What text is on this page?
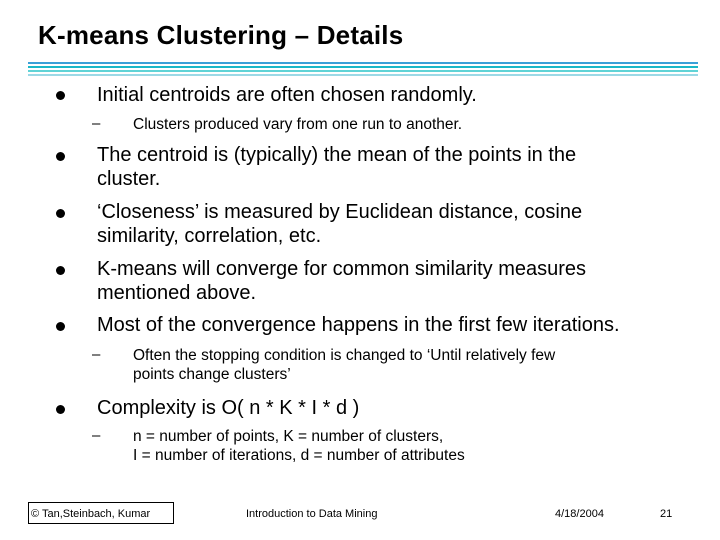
K-means Clustering – Details
Initial centroids are often chosen randomly.
– Clusters produced vary from one run to another.
The centroid is (typically) the mean of the points in the
cluster.
‘Closeness’ is measured by Euclidean distance, cosine
similarity, correlation, etc.
K-means will converge for common similarity measures
mentioned above.
Most of the convergence happens in the first few iterations.
– Often the stopping condition is changed to ‘Until relatively few
points change clusters’
Complexity is O( n * K * I * d )
– n = number of points, K = number of clusters,
I = number of iterations, d = number of attributes
© Tan,Steinbach, Kumar	Introduction to Data Mining	4/18/2004	21
